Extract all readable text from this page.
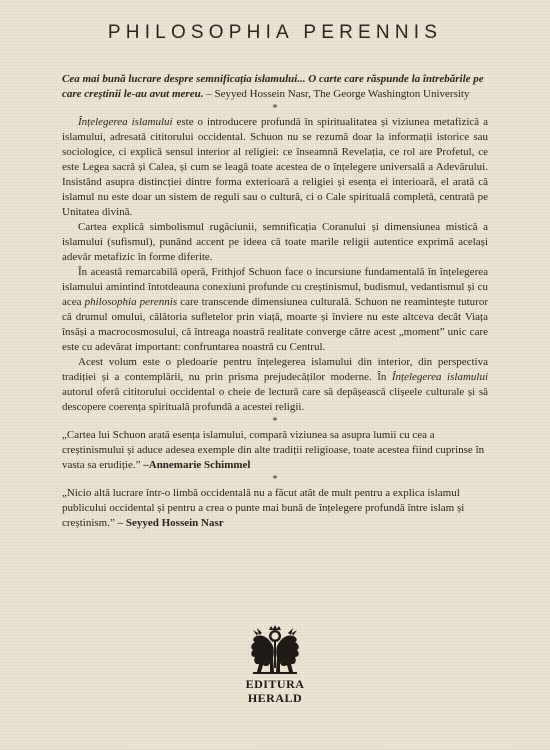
PHILOSOPHIA PERENNIS

Cea mai bună lucrare despre semnificația islamului... O carte care răspunde la întrebările pe care creștinii le-au avut mereu. – Seyyed Hossein Nasr, The George Washington University

*

Înțelegerea islamului este o introducere profundă în spiritualitatea și viziunea metafizică a islamului, adresată cititorului occidental. Schuon nu se rezumă doar la informații istorice sau sociologice, ci explică sensul interior al religiei: ce înseamnă Revelația, ce rol are Profetul, ce este Legea sacră și Calea, și cum se leagă toate acestea de o înțelegere universală a Adevărului. Insistând asupra distincției dintre forma exterioară a religiei și esența ei interioară, el arată că islamul nu este doar un sistem de reguli sau o cultură, ci o Cale spirituală completă, centrată pe Unitatea divină.

Cartea explică simbolismul rugăciunii, semnificația Coranului și dimensiunea mistică a islamului (sufismul), punând accent pe ideea că toate marile religii autentice exprimă același adevăr metafizic în forme diferite.

În această remarcabilă operă, Frithjof Schuon face o incursiune fundamentală în înțelegerea islamului amintind întotdeauna conexiuni profunde cu creștinismul, budismul, vedantismul și cu acea philosophia perennis care transcende dimensiunea culturală. Schuon ne reamintește tuturor că drumul omului, călătoria sufletelor prin viață, moarte și înviere nu este altceva decât Viața însăși a macrocosmosului, că întreaga noastră realitate converge către acest „moment” unic care este cu adevărat important: confruntarea noastră cu Centrul.

Acest volum este o pledoarie pentru înțelegerea islamului din interior, din perspectiva tradiției și a contemplării, nu prin prisma prejudecăților moderne. În Înțelegerea islamului autorul oferă cititorului occidental o cheie de lectură care să depășească clișeele culturale și să descopere coerența spirituală profundă a acestei religii.

*

„Cartea lui Schuon arată esența islamului, compară viziunea sa asupra lumii cu cea a creștinismului și aduce adesea exemple din alte tradiții religioase, toate acestea fiind cuprinse în vasta sa erudiție.” –Annemarie Schimmel

*

„Nicio altă lucrare într-o limbă occidentală nu a făcut atât de mult pentru a explica islamul publicului occidental și pentru a crea o punte mai bună de înțelegere profundă între islam și creștinism.” – Seyyed Hossein Nasr

EDITURA
HERALD
